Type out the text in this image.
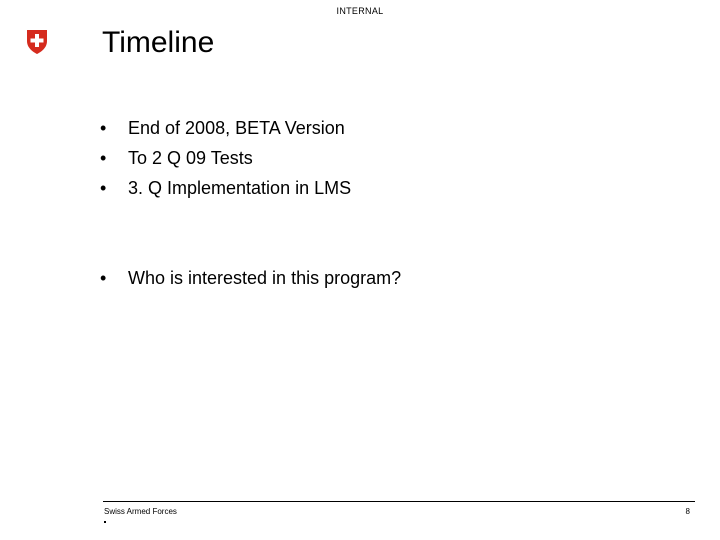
INTERNAL
Timeline
• End of 2008, BETA Version
• To 2 Q 09 Tests
• 3. Q Implementation in LMS
• Who is interested in this program?
Swiss Armed Forces	8
